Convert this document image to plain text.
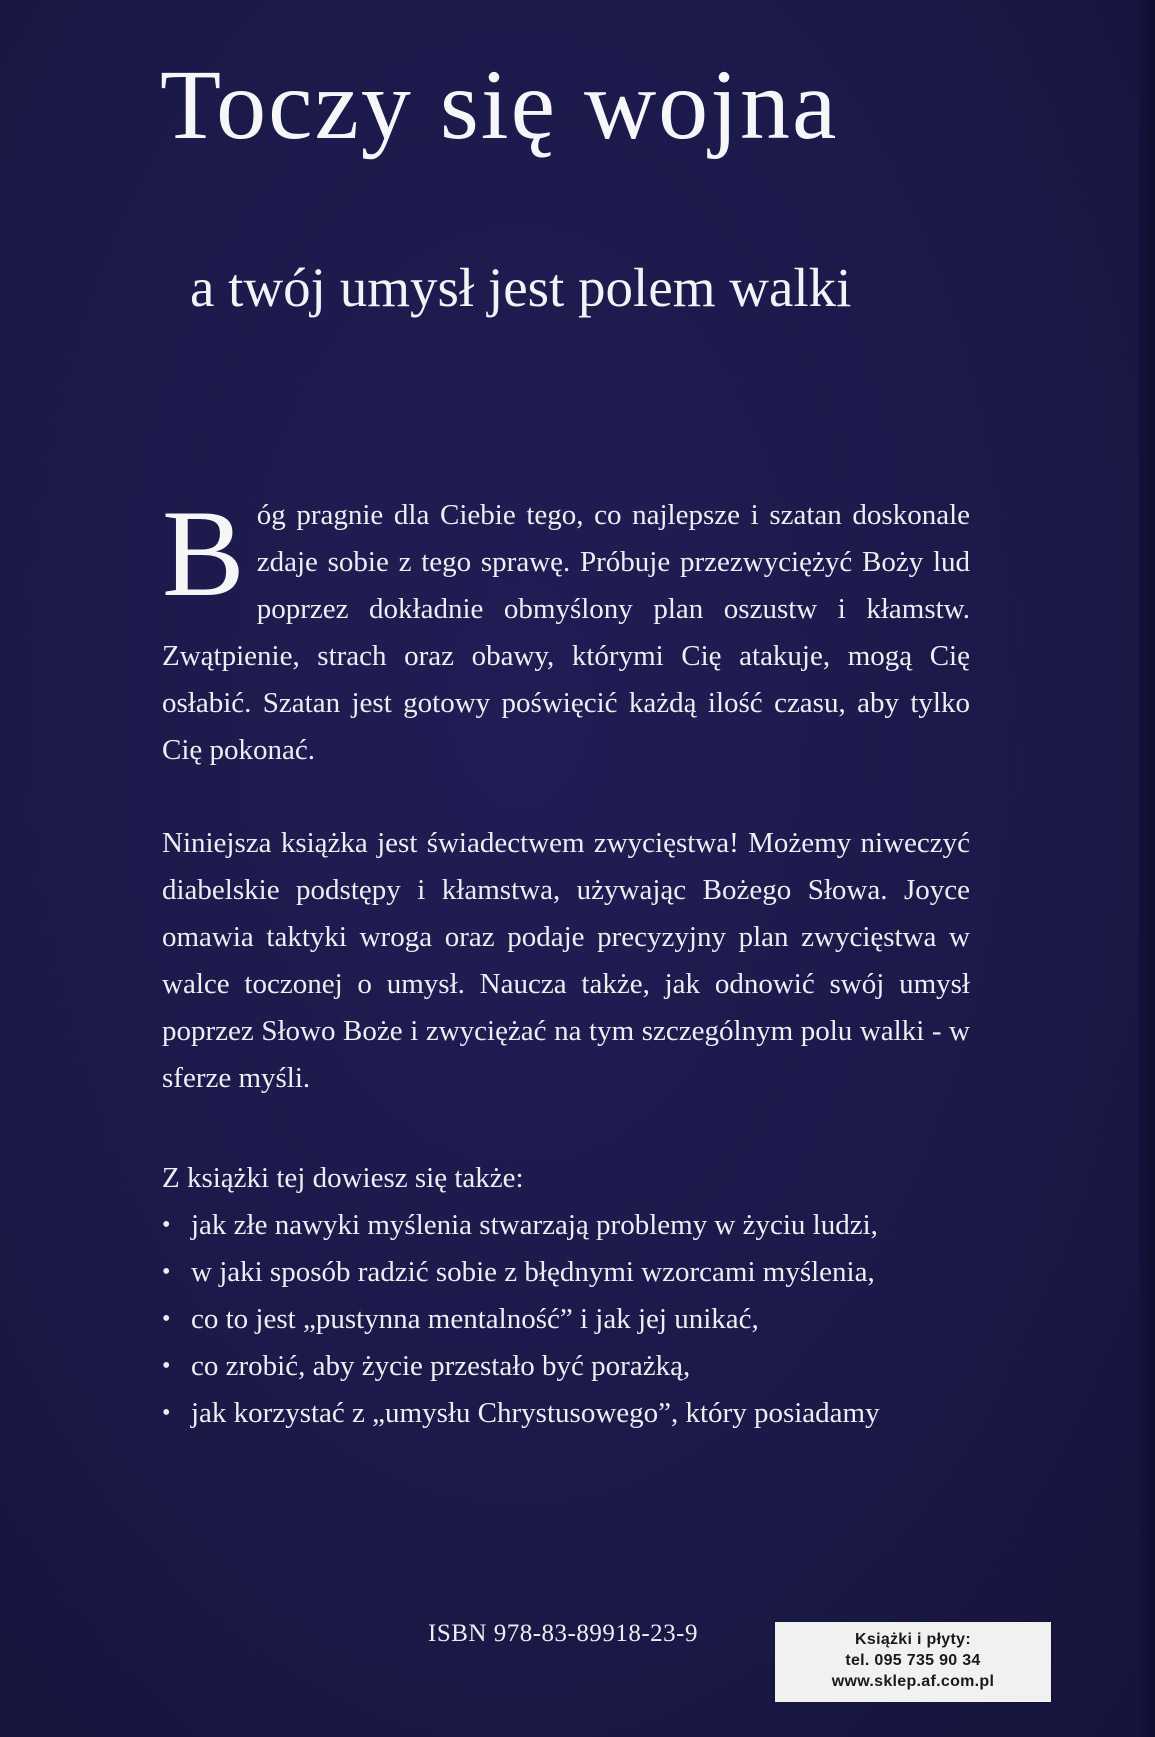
Toczy się wojna
a twój umysł jest polem walki

Bóg pragnie dla Ciebie tego, co najlepsze i szatan doskonale zdaje sobie z tego sprawę. Próbuje przezwyciężyć Boży lud poprzez dokładnie obmyślony plan oszustw i kłamstw. Zwątpienie, strach oraz obawy, którymi Cię atakuje, mogą Cię osłabić. Szatan jest gotowy poświęcić każdą ilość czasu, aby tylko Cię pokonać.

Niniejsza książka jest świadectwem zwycięstwa! Możemy niweczyć diabelskie podstępy i kłamstwa, używając Bożego Słowa. Joyce omawia taktyki wroga oraz podaje precyzyjny plan zwycięstwa w walce toczonej o umysł. Naucza także, jak odnowić swój umysł poprzez Słowo Boże i zwyciężać na tym szczególnym polu walki - w sferze myśli.

Z książki tej dowiesz się także:

• jak złe nawyki myślenia stwarzają problemy w życiu ludzi,
• w jaki sposób radzić sobie z błędnymi wzorcami myślenia,
• co to jest „pustynna mentalność” i jak jej unikać,
• co zrobić, aby życie przestało być porażką,
• jak korzystać z „umysłu Chrystusowego”, który posiadamy

ISBN 978-83-89918-23-9	Książki i płyty:
tel. 095 735 90 34
www.sklep.af.com.pl
